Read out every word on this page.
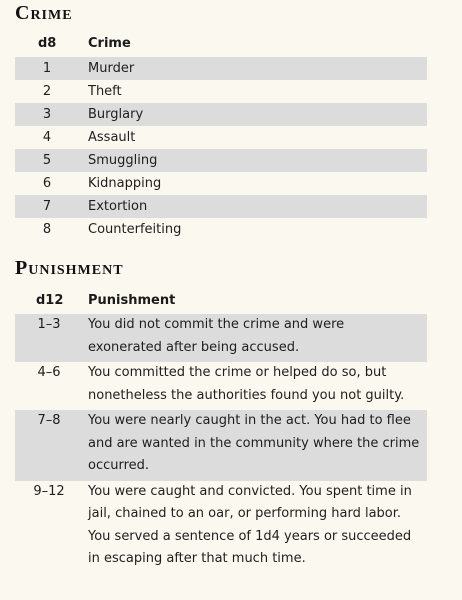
Crime
d8 Crime
1	Murder
2	Theft
3	Burglary
4	Assault
5	Smuggling
6	Kidnapping
7	Extortion
8	Counterfeiting
Punishment
d12 Punishment
1–3	You did not commit the crime and were exonerated after being accused.
4–6	You committed the crime or helped do so, but nonetheless the authorities found you not guilty.
7–8	You were nearly caught in the act. You had to flee and are wanted in the community where the crime occurred.
9–12	You were caught and convicted. You spent time in jail, chained to an oar, or performing hard labor. You served a sentence of 1d4 years or succeeded in escaping after that much time.
